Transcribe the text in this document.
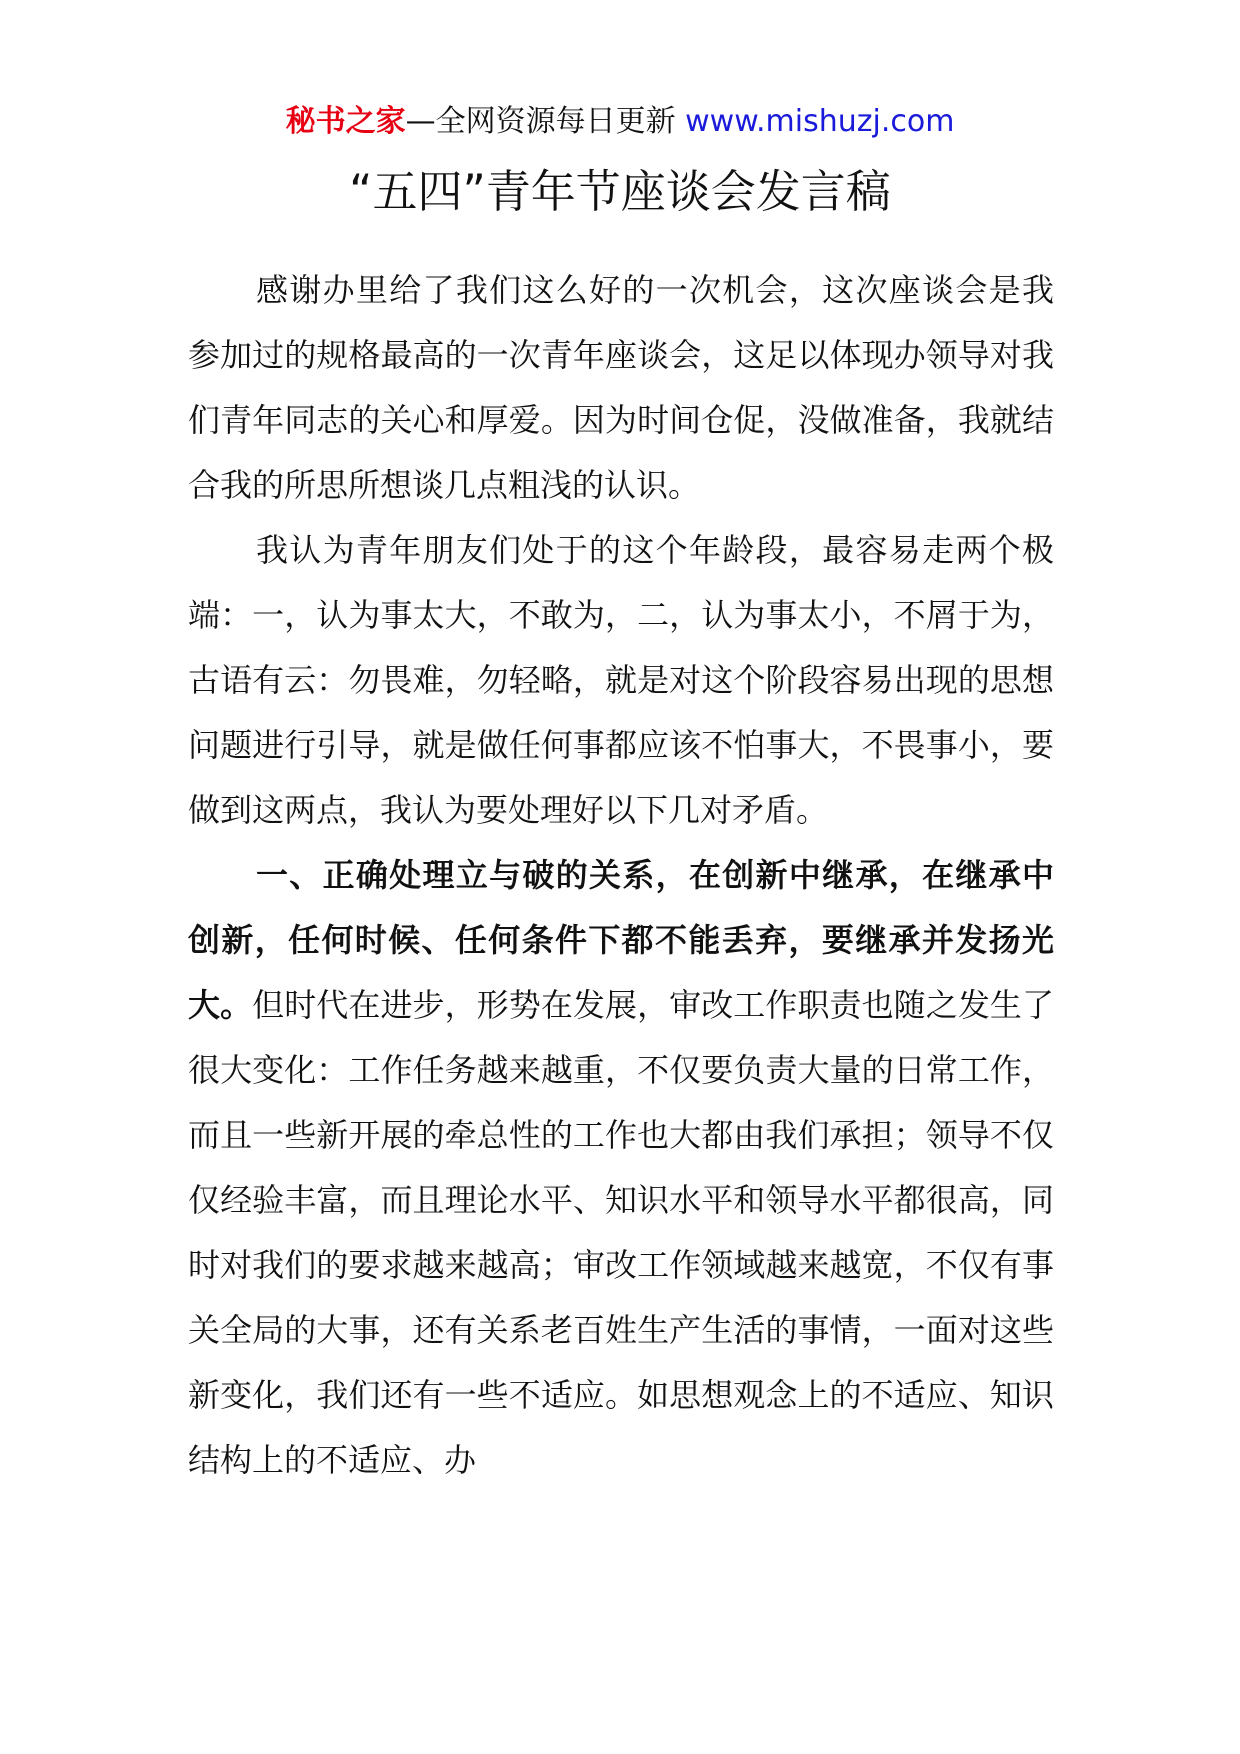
秘书之家—全网资源每日更新 www.mishuzj.com
“五四”青年节座谈会发言稿

感谢办里给了我们这么好的一次机会，这次座谈会是我参加过的规格最高的一次青年座谈会，这足以体现办领导对我们青年同志的关心和厚爱。因为时间仓促，没做准备，我就结合我的所思所想谈几点粗浅的认识。

我认为青年朋友们处于的这个年龄段，最容易走两个极端：一，认为事太大，不敢为，二，认为事太小，不屑于为，古语有云：勿畏难，勿轻略，就是对这个阶段容易出现的思想问题进行引导，就是做任何事都应该不怕事大，不畏事小，要做到这两点，我认为要处理好以下几对矛盾。

一、正确处理立与破的关系，在创新中继承，在继承中创新，任何时候、任何条件下都不能丢弃，要继承并发扬光大。但时代在进步，形势在发展，审改工作职责也随之发生了很大变化：工作任务越来越重，不仅要负责大量的日常工作，而且一些新开展的牵总性的工作也大都由我们承担；领导不仅仅经验丰富，而且理论水平、知识水平和领导水平都很高，同时对我们的要求越来越高；审改工作领域越来越宽，不仅有事关全局的大事，还有关系老百姓生产生活的事情，一面对这些新变化，我们还有一些不适应。如思想观念上的不适应、知识结构上的不适应、办
